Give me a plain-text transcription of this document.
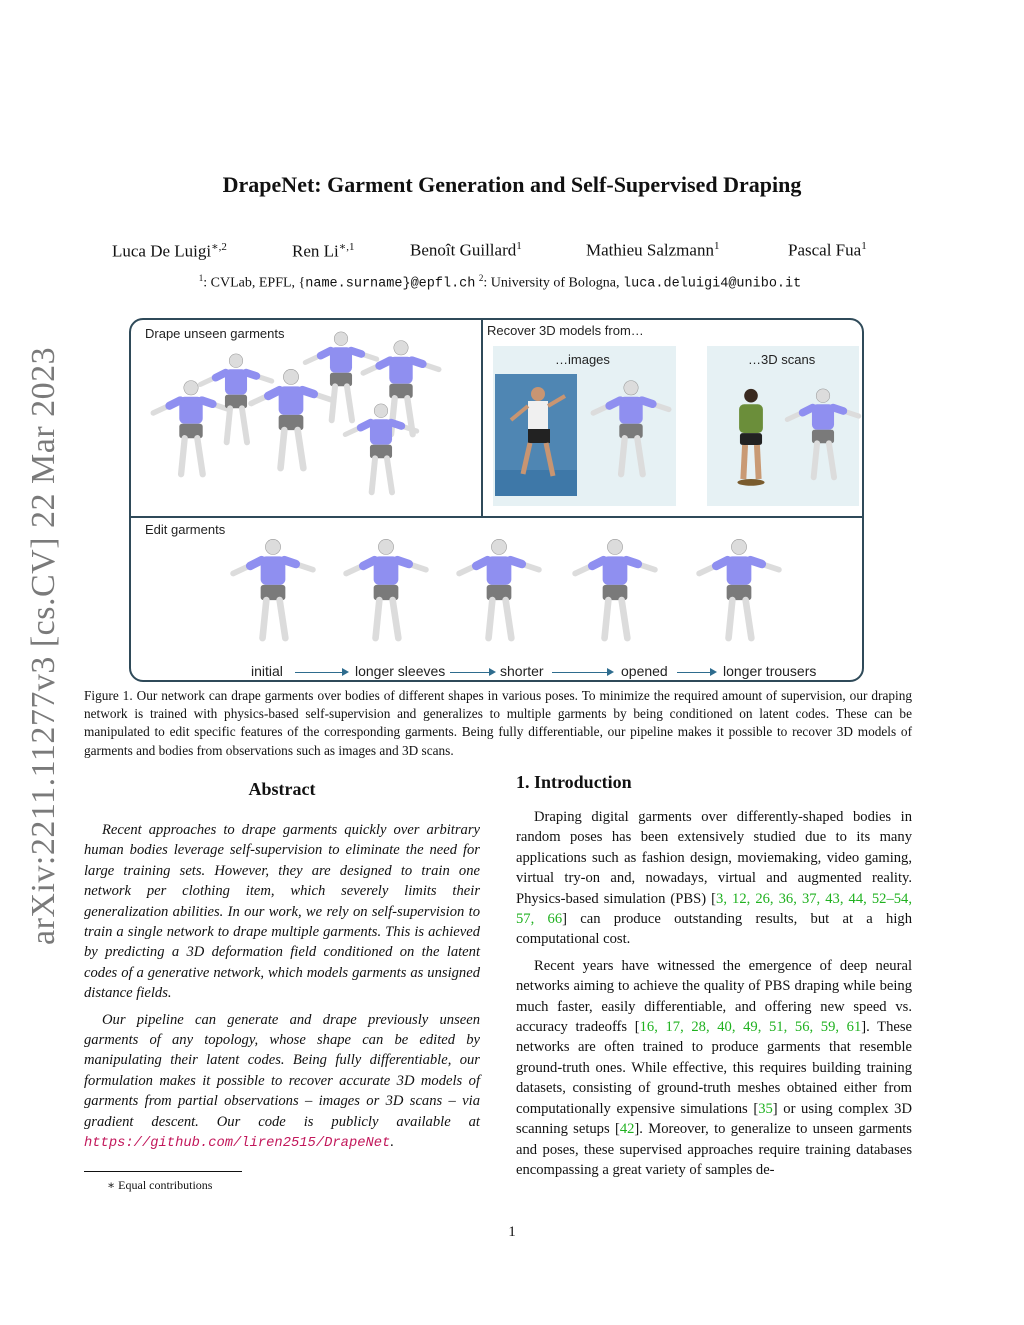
arXiv:2211.11277v3 [cs.CV] 22 Mar 2023
DrapeNet: Garment Generation and Self-Supervised Draping
Luca De Luigi$^{∗,2}$	Ren $Li^{∗,1}$	Benoît Guillard$^1$	Mathieu Salzmann$^1$	Pascal Fua$^1$
$^1$: CVLab, EPFL, {name.surname}@epfl.ch $^2$: University of Bologna, luca.deluigi4@unibo.it
Drape unseen garments	Recover 3D models from…
Edit garments
…images	…3D scans
initial	longer sleeves	shorter	opened	longer trousers
Figure 1. Our network can drape garments over bodies of different shapes in various poses. To minimize the required amount of supervision, our draping network is trained with physics-based self-supervision and generalizes to multiple garments by being conditioned on latent codes. These can be manipulated to edit specific features of the corresponding garments. Being fully differentiable, our pipeline makes it possible to recover 3D models of garments and bodies from observations such as images and 3D scans.
Abstract

Recent approaches to drape garments quickly over arbitrary human bodies leverage self-supervision to eliminate the need for large training sets. However, they are designed to train one network per clothing item, which severely limits their generalization abilities. In our work, we rely on self-supervision to train a single network to drape multiple garments. This is achieved by predicting a 3D deformation field conditioned on the latent codes of a generative network, which models garments as unsigned distance fields.

Our pipeline can generate and drape previously unseen garments of any topology, whose shape can be edited by manipulating their latent codes. Being fully differentiable, our formulation makes it possible to recover accurate 3D models of garments from partial observations – images or 3D scans – via gradient descent. Our code is publicly available at https://github.com/liren2515/DrapeNet.

1. Introduction

Draping digital garments over differently-shaped bodies in random poses has been extensively studied due to its many applications such as fashion design, moviemaking, video gaming, virtual try-on and, nowadays, virtual and augmented reality. Physics-based simulation (PBS) [3, 12, 26, 36, 37, 43, 44, 52–54, 57, 66] can produce outstanding results, but at a high computational cost.

Recent years have witnessed the emergence of deep neural networks aiming to achieve the quality of PBS draping while being much faster, easily differentiable, and offering new speed vs. accuracy tradeoffs [16, 17, 28, 40, 49, 51, 56, 59, 61]. These networks are often trained to produce garments that resemble ground-truth ones. While effective, this requires building training datasets, consisting of ground-truth meshes obtained either from computationally expensive simulations [35] or using complex 3D scanning setups [42]. Moreover, to generalize to unseen garments and poses, these supervised approaches require training databases encompassing a great variety of samples de-

∗ Equal contributions
1
